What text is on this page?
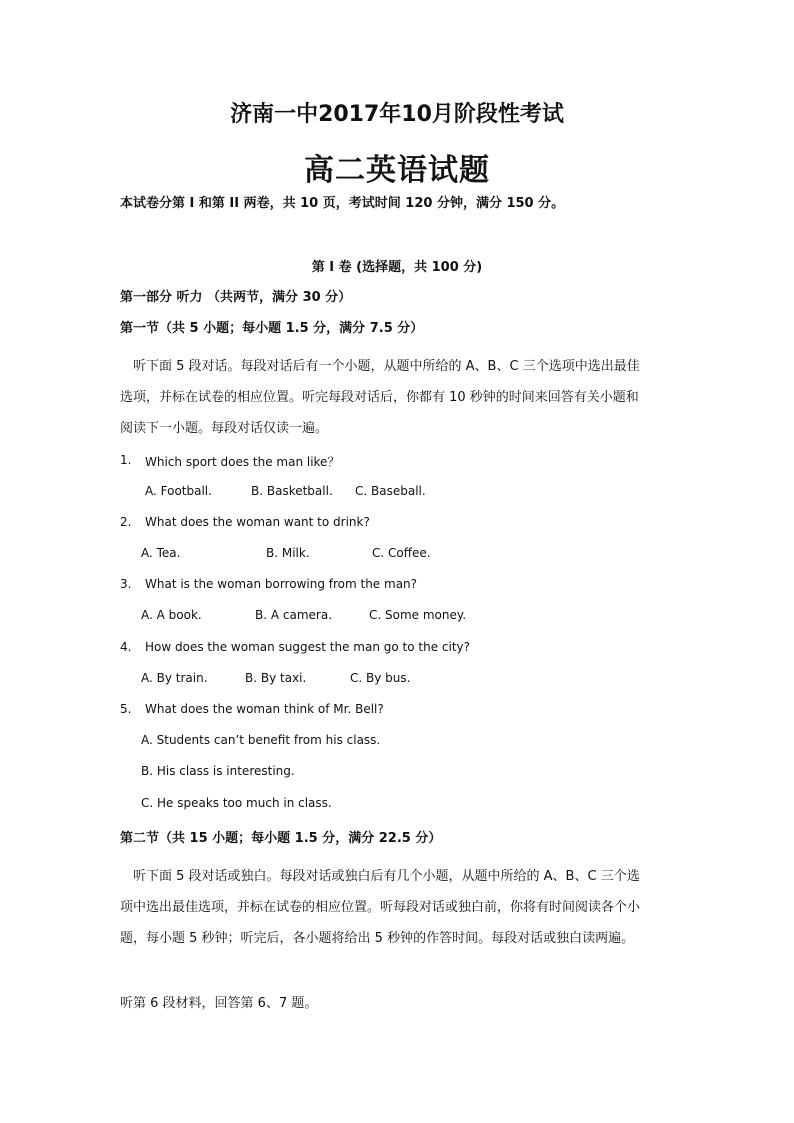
济南一中2017年10月阶段性考试
高二英语试题
本试卷分第 I 和第 II 两卷，共 10 页，考试时间 120 分钟，满分 150 分。
第 I 卷 (选择题，共 100 分)
第一部分 听力 （共两节，满分 30 分）
第一节（共 5 小题；每小题 1.5 分，满分 7.5 分）
听下面 5 段对话。每段对话后有一个小题，从题中所给的 A、B、C 三个选项中选出最佳选项，并标在试卷的相应位置。听完每段对话后，你都有 10 秒钟的时间来回答有关小题和阅读下一小题。每段对话仅读一遍。
1. Which sport does the man like？
A. Football.	B. Basketball. C. Baseball.
2. What does the woman want to drink?
A. Tea.	B. Milk.	C. Coffee.
3. What is the woman borrowing from the man?
A. A book.	B. A camera.	C. Some money.
4. How does the woman suggest the man go to the city?
A. By train.	B. By taxi.	C. By bus.
5. What does the woman think of Mr. Bell?
A. Students can’t benefit from his class.
B. His class is interesting.
C. He speaks too much in class.
第二节（共 15 小题；每小题 1.5 分，满分 22.5 分）
听下面 5 段对话或独白。每段对话或独白后有几个小题，从题中所给的 A、B、C 三个选项中选出最佳选项，并标在试卷的相应位置。听每段对话或独白前，你将有时间阅读各个小题，每小题 5 秒钟；听完后，各小题将给出 5 秒钟的作答时间。每段对话或独白读两遍。
听第 6 段材料，回答第 6、7 题。
